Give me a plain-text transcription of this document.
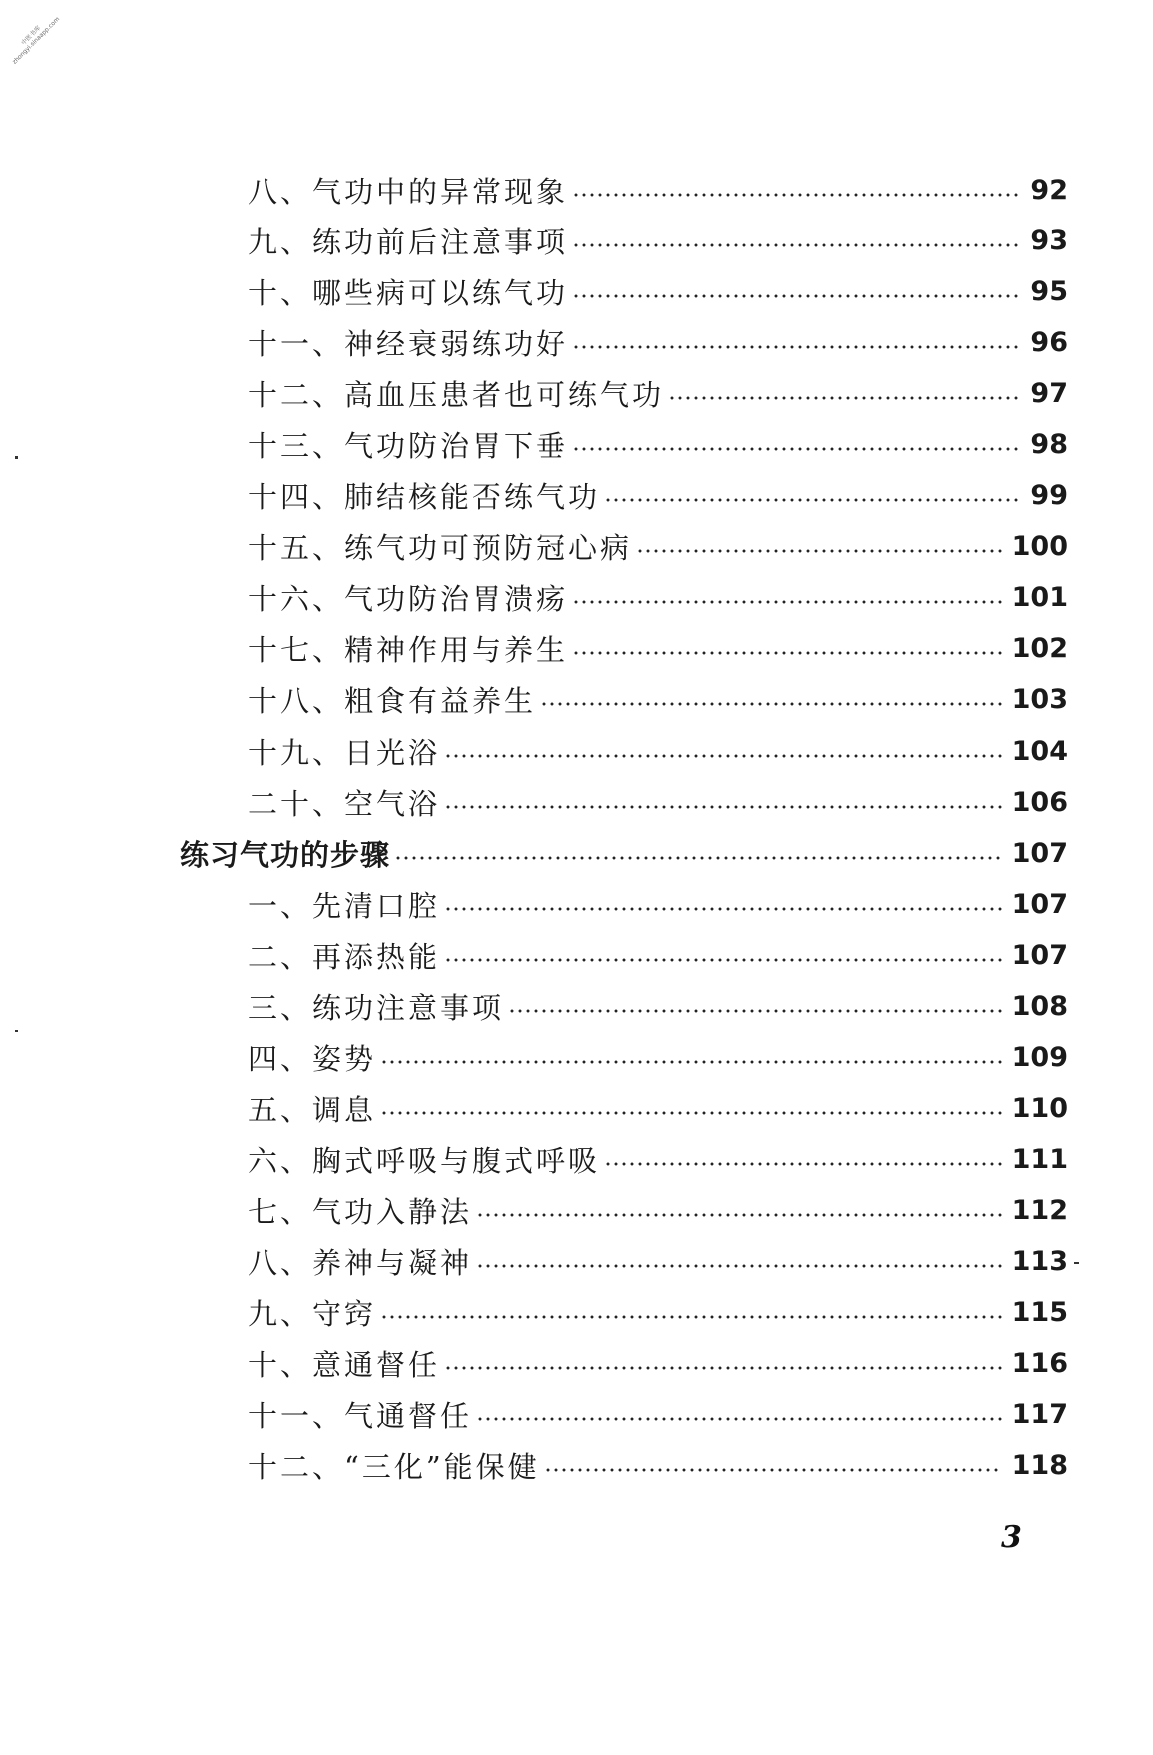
中医书库 zhongyi.sinaapp.com
八、气功中的异常现象	92
九、练功前后注意事项	93
十、哪些病可以练气功	95
十一、神经衰弱练功好	96
十二、高血压患者也可练气功	97
十三、气功防治胃下垂	98
十四、肺结核能否练气功	99
十五、练气功可预防冠心病	100
十六、气功防治胃溃疡	101
十七、精神作用与养生	102
十八、粗食有益养生	103
十九、日光浴	104
二十、空气浴	106
练习气功的步骤	107
一、先清口腔	107
二、再添热能	107
三、练功注意事项	108
四、姿势	109
五、调息	110
六、胸式呼吸与腹式呼吸	111
七、气功入静法	112
八、养神与凝神	113
九、守窍	115
十、意通督任	116
十一、气通督任	117
十二、“三化”能保健	118
3
